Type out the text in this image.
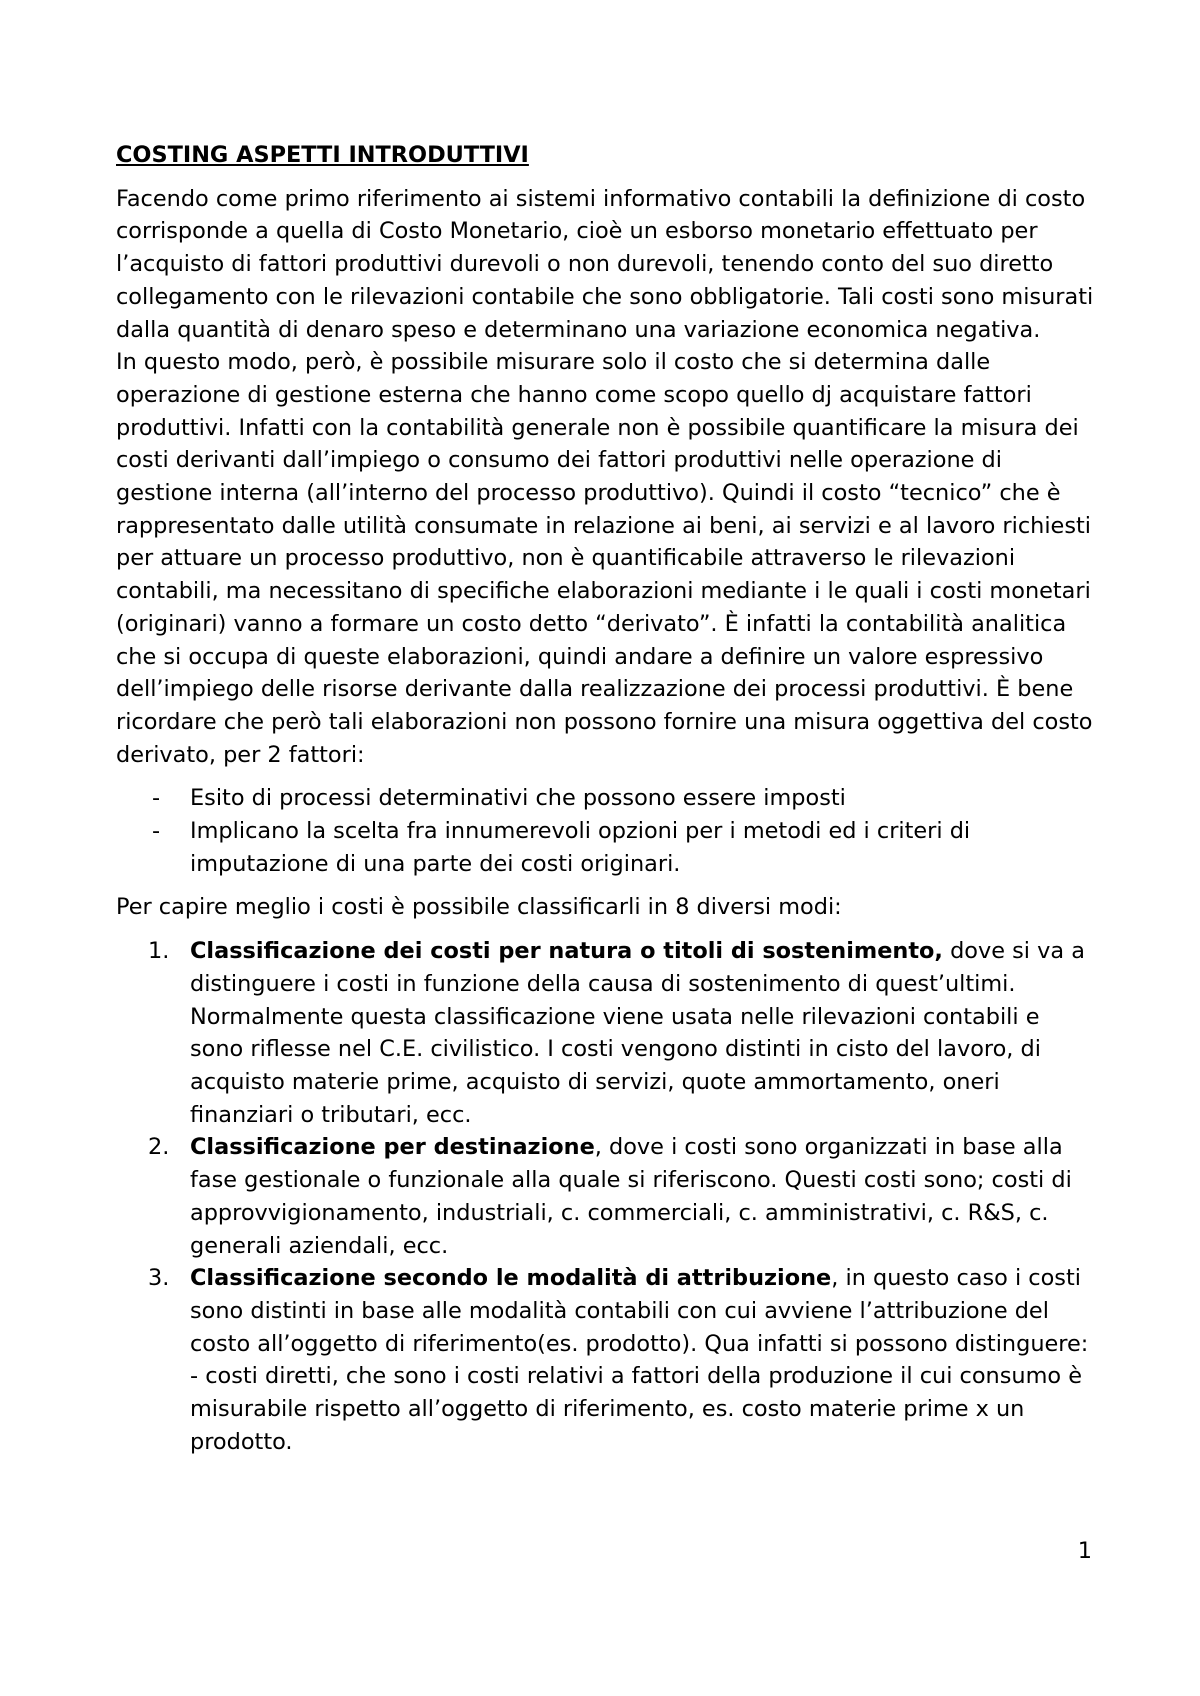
COSTING ASPETTI INTRODUTTIVI

Facendo come primo riferimento ai sistemi informativo contabili la definizione di costo corrisponde a quella di Costo Monetario, cioè un esborso monetario effettuato per l’acquisto di fattori produttivi durevoli o non durevoli, tenendo conto del suo diretto collegamento con le rilevazioni contabile che sono obbligatorie. Tali costi sono misurati dalla quantità di denaro speso e determinano una variazione economica negativa.

In questo modo, però, è possibile misurare solo il costo che si determina dalle operazione di gestione esterna che hanno come scopo quello dj acquistare fattori produttivi. Infatti con la contabilità generale non è possibile quantificare la misura dei costi derivanti dall’impiego o consumo dei fattori produttivi nelle operazione di gestione interna (all’interno del processo produttivo). Quindi il costo “tecnico” che è rappresentato dalle utilità consumate in relazione ai beni, ai servizi e al lavoro richiesti per attuare un processo produttivo, non è quantificabile attraverso le rilevazioni contabili, ma necessitano di specifiche elaborazioni mediante i le quali i costi monetari (originari) vanno a formare un costo detto “derivato”. È infatti la contabilità analitica che si occupa di queste elaborazioni, quindi andare a definire un valore espressivo dell’impiego delle risorse derivante dalla realizzazione dei processi produttivi. È bene ricordare che però tali elaborazioni non possono fornire una misura oggettiva del costo derivato, per 2 fattori:

- Esito di processi determinativi che possono essere imposti
- Implicano la scelta fra innumerevoli opzioni per i metodi ed i criteri di imputazione di una parte dei costi originari.

Per capire meglio i costi è possibile classificarli in 8 diversi modi:

1. Classificazione dei costi per natura o titoli di sostenimento, dove si va a distinguere i costi in funzione della causa di sostenimento di quest’ultimi. Normalmente questa classificazione viene usata nelle rilevazioni contabili e sono riflesse nel C.E. civilistico. I costi vengono distinti in cisto del lavoro, di acquisto materie prime, acquisto di servizi, quote ammortamento, oneri finanziari o tributari, ecc.
2. Classificazione per destinazione, dove i costi sono organizzati in base alla fase gestionale o funzionale alla quale si riferiscono. Questi costi sono; costi di approvvigionamento, industriali, c. commerciali, c. amministrativi, c. R&S, c. generali aziendali, ecc.
3. Classificazione secondo le modalità di attribuzione, in questo caso i costi sono distinti in base alle modalità contabili con cui avviene l’attribuzione del costo all’oggetto di riferimento(es. prodotto). Qua infatti si possono distinguere:
- costi diretti, che sono i costi relativi a fattori della produzione il cui consumo è misurabile rispetto all’oggetto di riferimento, es. costo materie prime x un prodotto.
1
